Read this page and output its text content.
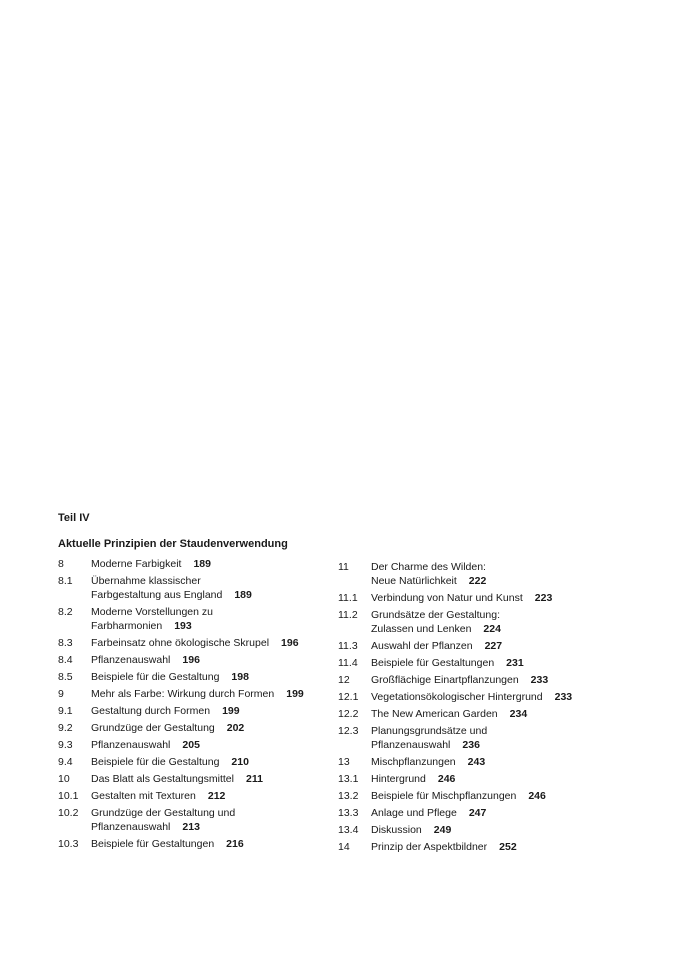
Teil IV
Aktuelle Prinzipien der Staudenverwendung
8	Moderne Farbigkeit 189
8.1	Übernahme klassischer
Farbgestaltung aus England 189
8.2	Moderne Vorstellungen zu
Farbharmonien 193
8.3	Farbeinsatz ohne ökologische Skrupel 196
8.4	Pflanzenauswahl 196
8.5	Beispiele für die Gestaltung 198
9	Mehr als Farbe: Wirkung durch Formen 199
9.1	Gestaltung durch Formen 199
9.2	Grundzüge der Gestaltung 202
9.3	Pflanzenauswahl 205
9.4	Beispiele für die Gestaltung 210
10	Das Blatt als Gestaltungsmittel 211
10.1	Gestalten mit Texturen 212
10.2	Grundzüge der Gestaltung und
Pflanzenauswahl 213
10.3	Beispiele für Gestaltungen 216
11	Der Charme des Wilden:
Neue Natürlichkeit 222
11.1	Verbindung von Natur und Kunst 223
11.2	Grundsätze der Gestaltung:
Zulassen und Lenken 224
11.3	Auswahl der Pflanzen 227
11.4	Beispiele für Gestaltungen 231
12	Großflächige Einartpflanzungen 233
12.1	Vegetationsökologischer Hintergrund 233
12.2	The New American Garden 234
12.3	Planungsgrundsätze und
Pflanzenauswahl 236
13	Mischpflanzungen 243
13.1	Hintergrund 246
13.2	Beispiele für Mischpflanzungen 246
13.3	Anlage und Pflege 247
13.4	Diskussion 249
14	Prinzip der Aspektbildner 252
